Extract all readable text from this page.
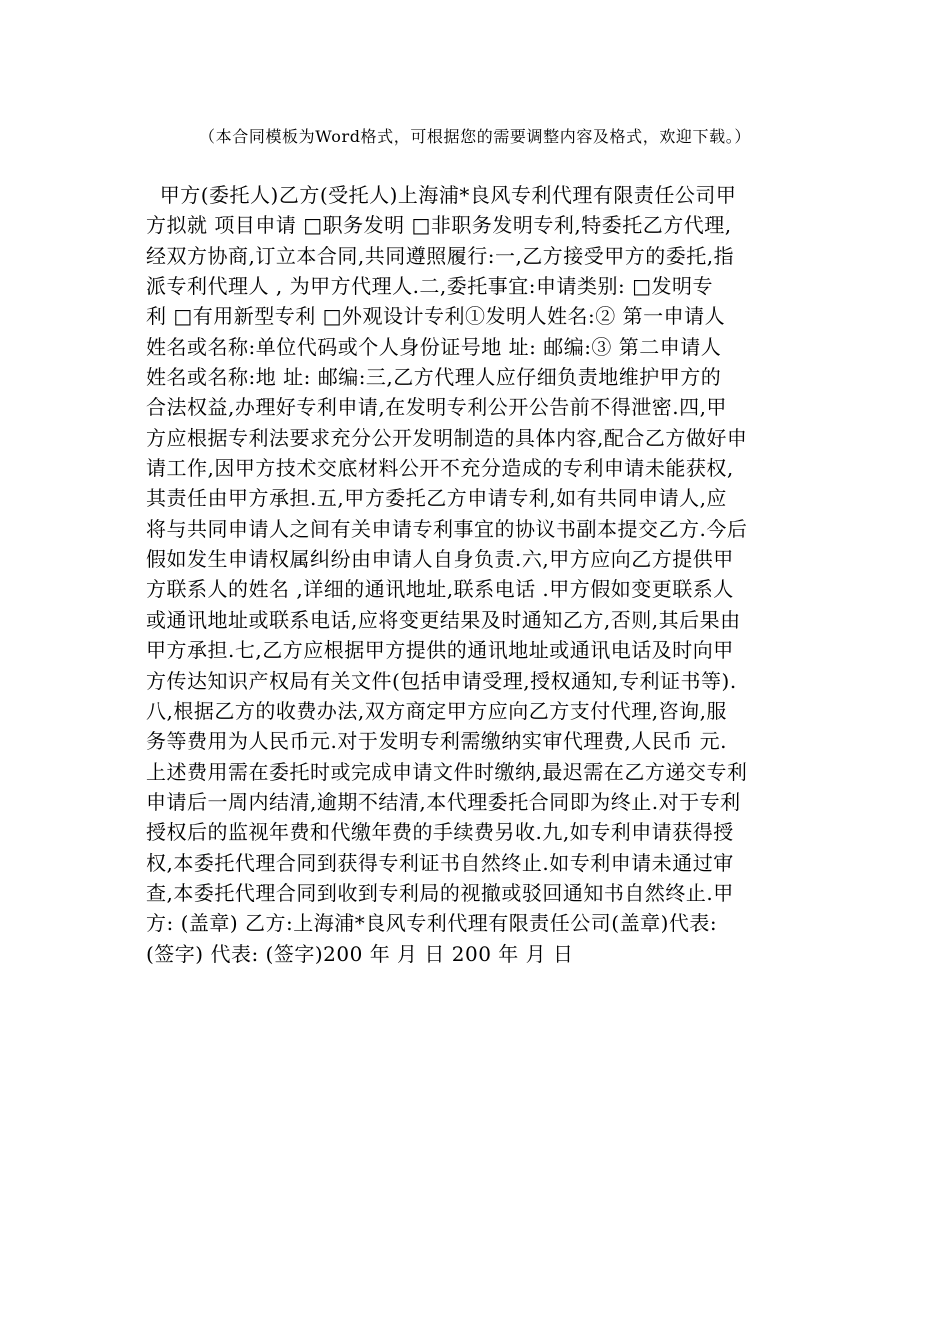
（本合同模板为Word格式，可根据您的需要调整内容及格式，欢迎下载。）
甲方(委托人)乙方(受托人)上海浦*良风专利代理有限责任公司甲
方拟就 项目申请 □职务发明 □非职务发明专利,特委托乙方代理,
经双方协商,订立本合同,共同遵照履行:一,乙方接受甲方的委托,指
派专利代理人 , 为甲方代理人.二,委托事宜:申请类别: □发明专
利 □有用新型专利 □外观设计专利①发明人姓名:② 第一申请人
姓名或名称:单位代码或个人身份证号地 址: 邮编:③ 第二申请人
姓名或名称:地 址: 邮编:三,乙方代理人应仔细负责地维护甲方的
合法权益,办理好专利申请,在发明专利公开公告前不得泄密.四,甲
方应根据专利法要求充分公开发明制造的具体内容,配合乙方做好申
请工作,因甲方技术交底材料公开不充分造成的专利申请未能获权,
其责任由甲方承担.五,甲方委托乙方申请专利,如有共同申请人,应
将与共同申请人之间有关申请专利事宜的协议书副本提交乙方.今后
假如发生申请权属纠纷由申请人自身负责.六,甲方应向乙方提供甲
方联系人的姓名 ,详细的通讯地址,联系电话 .甲方假如变更联系人
或通讯地址或联系电话,应将变更结果及时通知乙方,否则,其后果由
甲方承担.七,乙方应根据甲方提供的通讯地址或通讯电话及时向甲
方传达知识产权局有关文件(包括申请受理,授权通知,专利证书等).
八,根据乙方的收费办法,双方商定甲方应向乙方支付代理,咨询,服
务等费用为人民币元.对于发明专利需缴纳实审代理费,人民币 元.
上述费用需在委托时或完成申请文件时缴纳,最迟需在乙方递交专利
申请后一周内结清,逾期不结清,本代理委托合同即为终止.对于专利
授权后的监视年费和代缴年费的手续费另收.九,如专利申请获得授
权,本委托代理合同到获得专利证书自然终止.如专利申请未通过审
查,本委托代理合同到收到专利局的视撤或驳回通知书自然终止.甲
方: (盖章) 乙方:上海浦*良风专利代理有限责任公司(盖章)代表:
(签字) 代表: (签字)200 年 月 日 200 年 月 日
